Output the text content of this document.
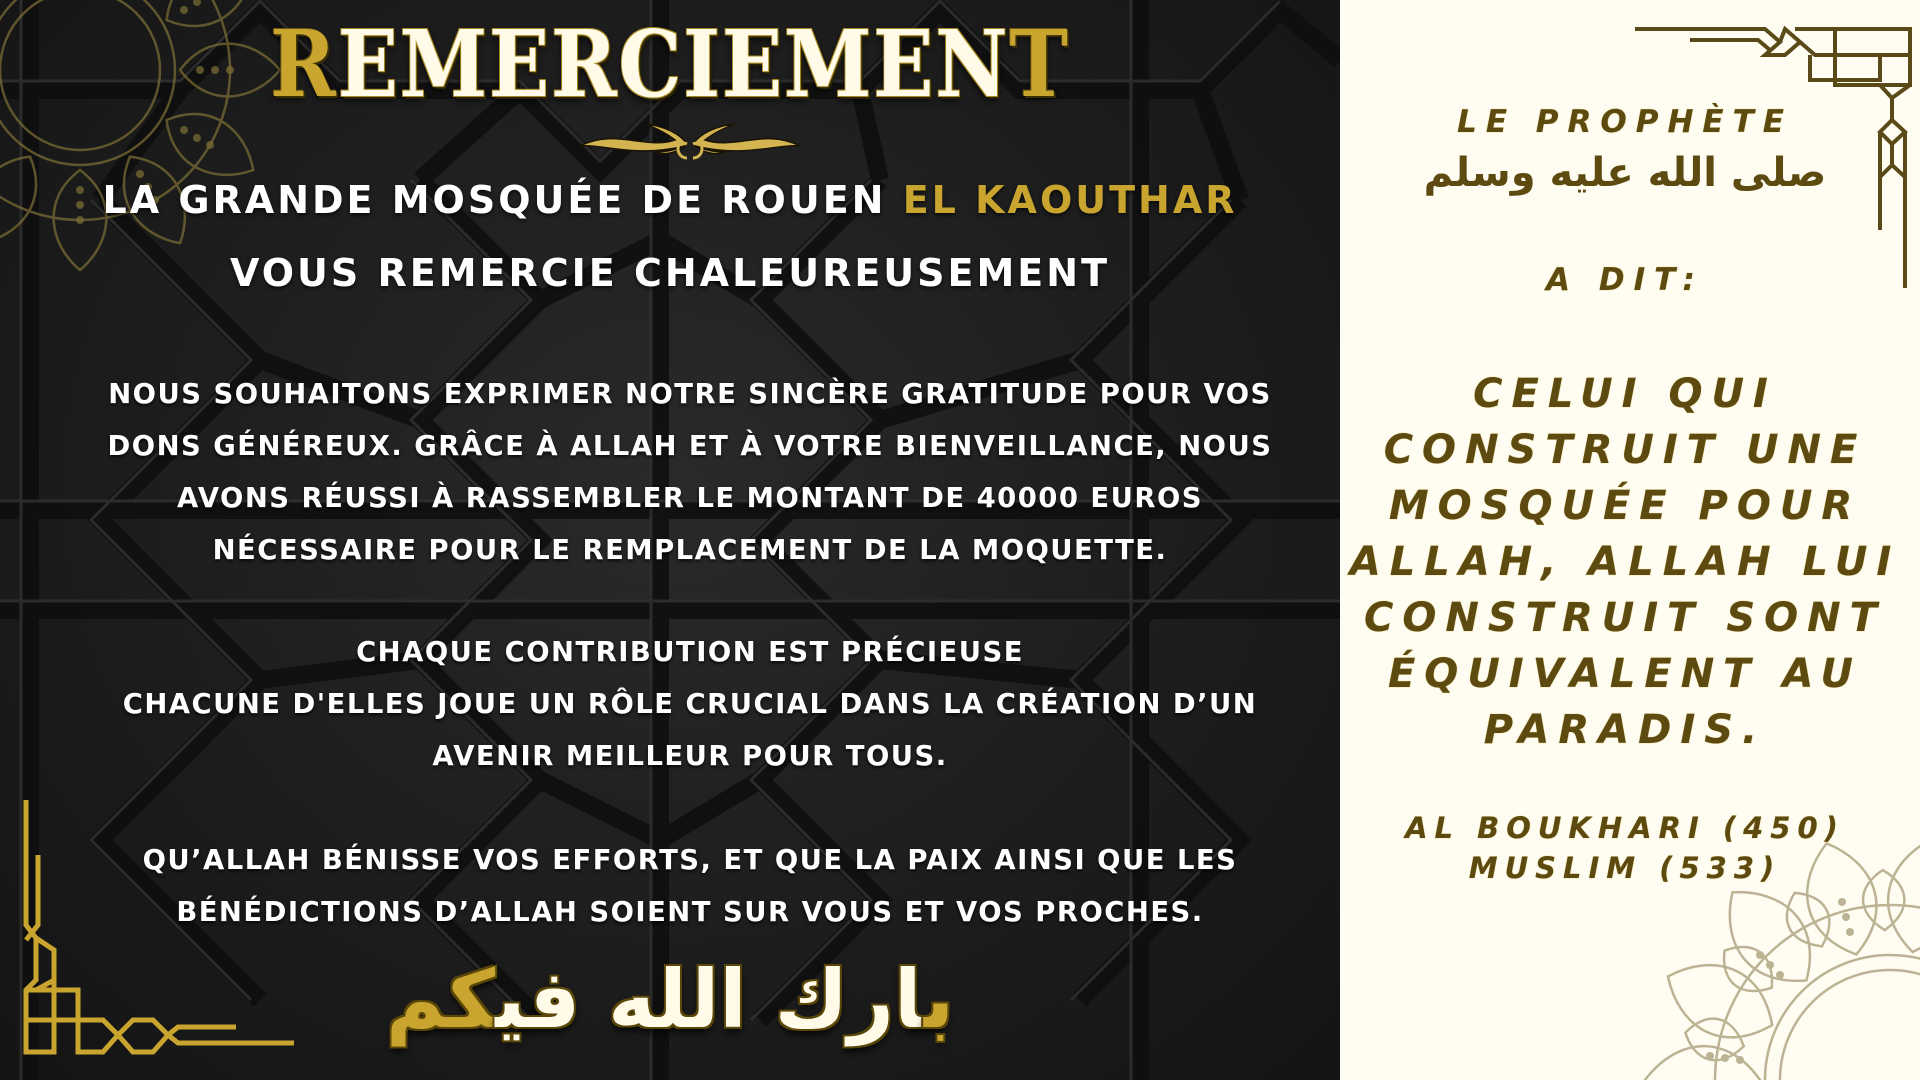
REMERCIEMENT
LA GRANDE MOSQUÉE DE ROUEN EL KAOUTHAR
VOUS REMERCIE CHALEUREUSEMENT
NOUS SOUHAITONS EXPRIMER NOTRE SINCÈRE GRATITUDE POUR VOS
DONS GÉNÉREUX. GRÂCE À ALLAH ET À VOTRE BIENVEILLANCE, NOUS
AVONS RÉUSSI À RASSEMBLER LE MONTANT DE 40000 EUROS
NÉCESSAIRE POUR LE REMPLACEMENT DE LA MOQUETTE.
CHAQUE CONTRIBUTION EST PRÉCIEUSE
CHACUNE D'ELLES JOUE UN RÔLE CRUCIAL DANS LA CRÉATION D’UN
AVENIR MEILLEUR POUR TOUS.
QU’ALLAH BÉNISSE VOS EFFORTS, ET QUE LA PAIX AINSI QUE LES
BÉNÉDICTIONS D’ALLAH SOIENT SUR VOUS ET VOS PROCHES.
بارك الله فيكم
LE PROPHÈTE
صلى الله عليه وسلم
A DIT:
CELUI QUI
CONSTRUIT UNE
MOSQUÉE POUR
ALLAH, ALLAH LUI
CONSTRUIT SONT
ÉQUIVALENT AU
PARADIS.
AL BOUKHARI (450)
MUSLIM (533)
